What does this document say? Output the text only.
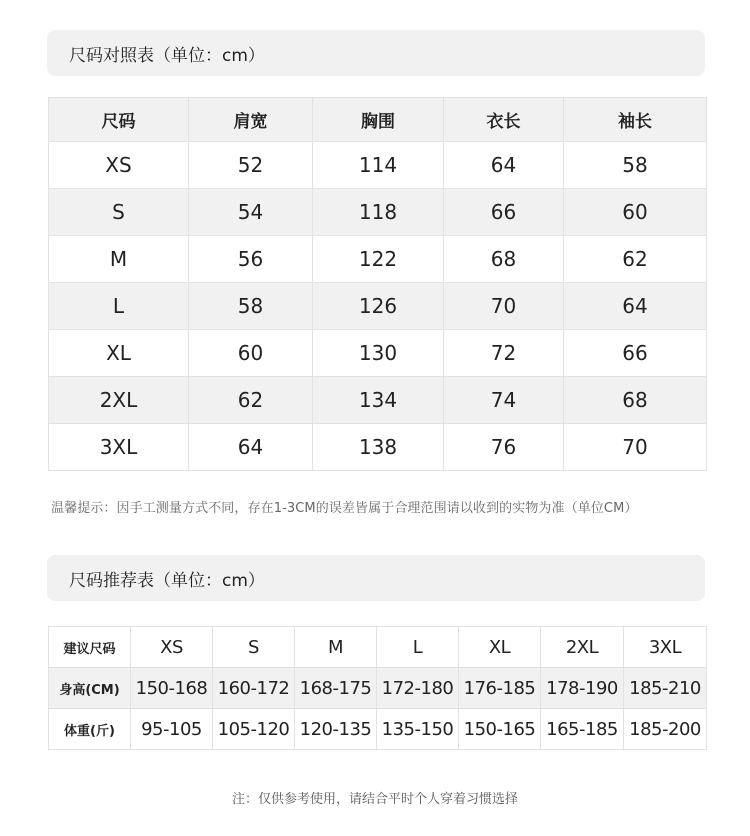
尺码对照表（单位：cm）
尺码	肩宽	胸围	衣长	袖长
XS	52	114	64	58
S	54	118	66	60
M	56	122	68	62
L	58	126	70	64
XL	60	130	72	66
2XL	62	134	74	68
3XL	64	138	76	70
温馨提示：因手工测量方式不同，存在1-3CM的误差皆属于合理范围请以收到的实物为准（单位CM）
尺码推荐表（单位：cm）
建议尺码	XS	S	M	L	XL	2XL	3XL
身高(CM)	150-168	160-172	168-175	172-180	176-185	178-190	185-210
体重(斤)	95-105	105-120	120-135	135-150	150-165	165-185	185-200
注：仅供参考使用，请结合平时个人穿着习惯选择
